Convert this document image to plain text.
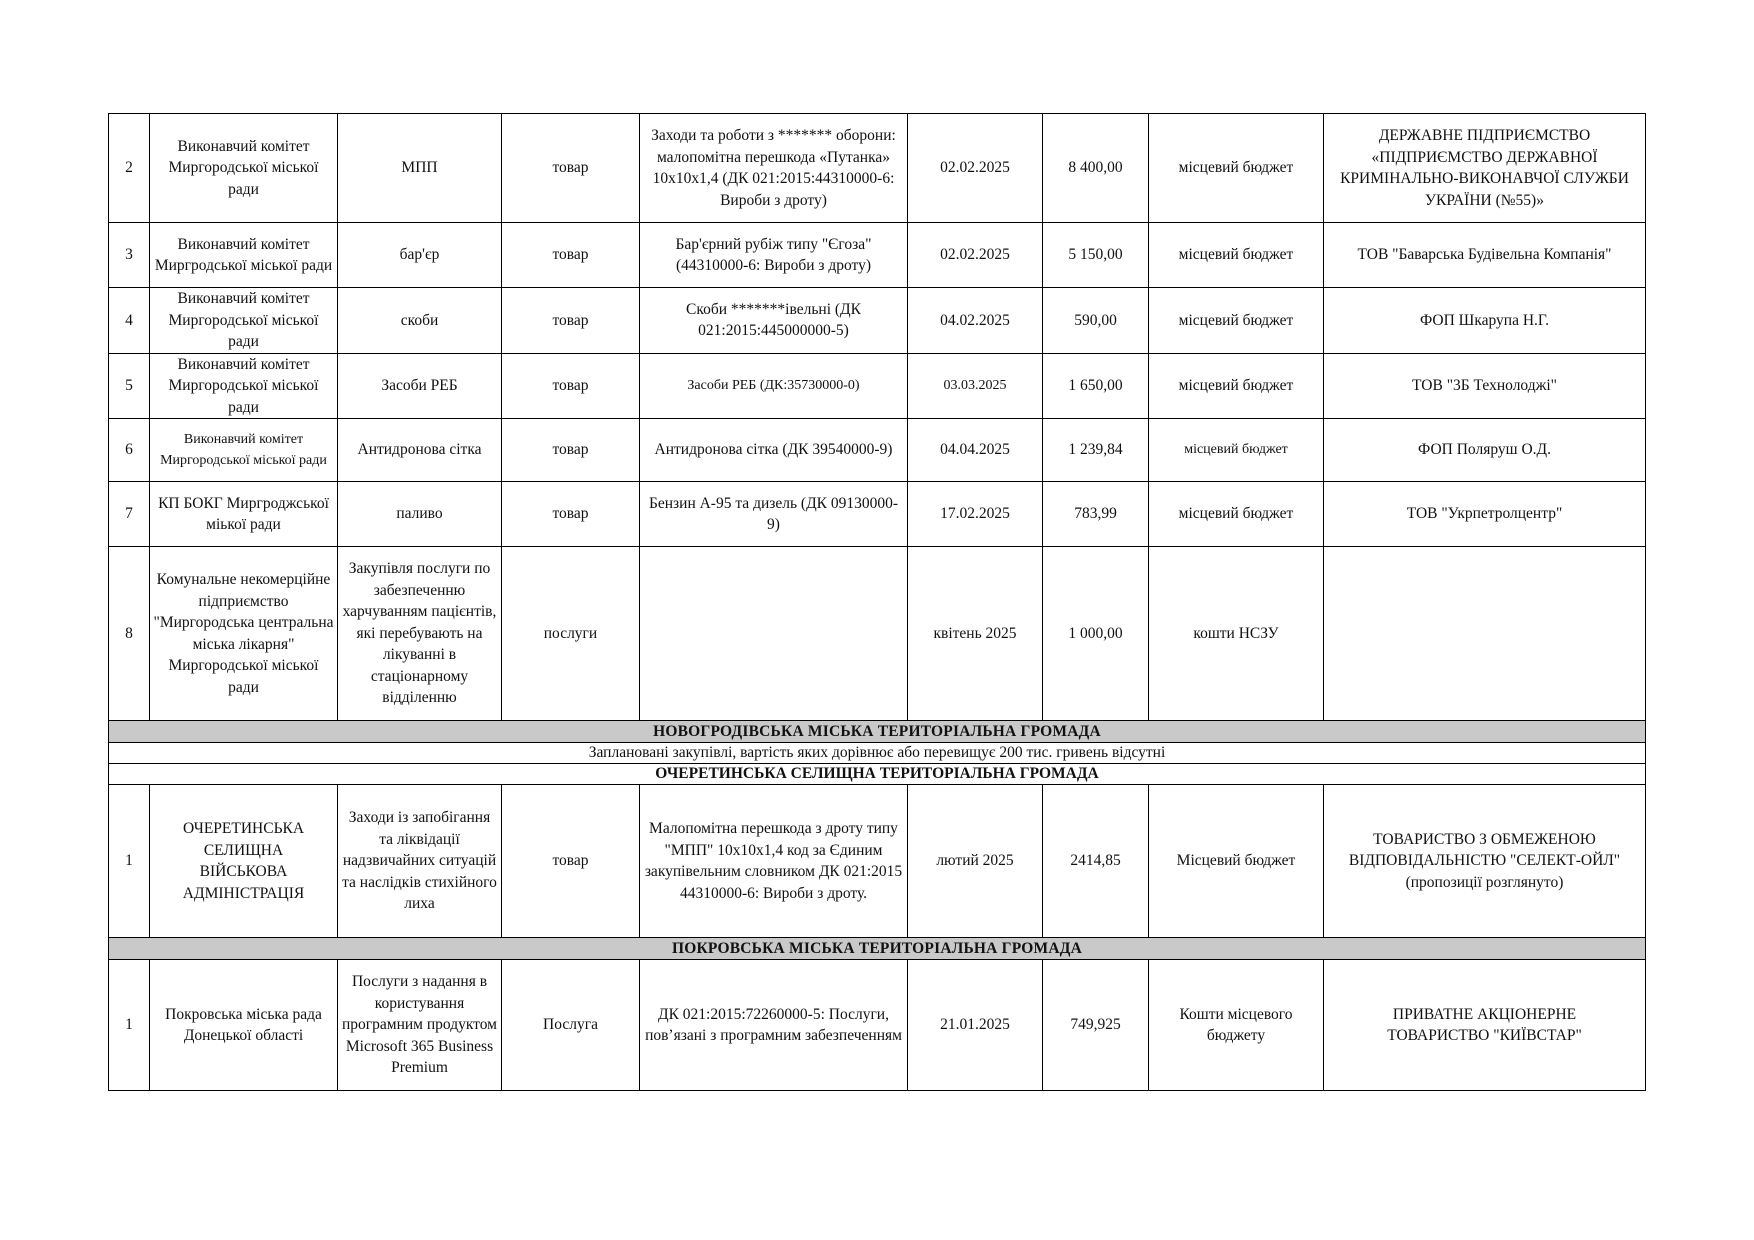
2	Виконавчий комітет Миргородської міської ради	МПП	товар	Заходи та роботи з ******* оборони: малопомітна перешкода «Путанка» 10х10х1,4 (ДК 021:2015:44310000-6: Вироби з дроту)	02.02.2025	8 400,00	місцевий бюджет	ДЕРЖАВНЕ ПІДПРИЄМСТВО «ПІДПРИЄМСТВО ДЕРЖАВНОЇ КРИМІНАЛЬНО-ВИКОНАВЧОЇ СЛУЖБИ УКРАЇНИ (№55)»
3	Виконавчий комітет Миргродської міської ради	бар'єр	товар	Бар'єрний рубіж типу "Єгоза" (44310000-6: Вироби з дроту)	02.02.2025	5 150,00	місцевий бюджет	ТОВ "Баварська Будівельна Компанія"
4	Виконавчий комітет Миргородської міської ради	скоби	товар	Скоби *******івельні (ДК 021:2015:445000000-5)	04.02.2025	590,00	місцевий бюджет	ФОП Шкарупа Н.Г.
5	Виконавчий комітет Миргородської міської ради	Засоби РЕБ	товар	Засоби РЕБ (ДК:35730000-0)	03.03.2025	1 650,00	місцевий бюджет	ТОВ "3Б Технолоджі"
6	Виконавчий комітет Миргородської міської ради	Антидронова сітка	товар	Антидронова сітка (ДК 39540000-9)	04.04.2025	1 239,84	місцевий бюджет	ФОП Поляруш О.Д.
7	КП БОКГ Миргроджської міької ради	паливо	товар	Бензин А-95 та дизель (ДК 09130000-9)	17.02.2025	783,99	місцевий бюджет	ТОВ "Укрпетролцентр"
8	Комунальне некомерційне підприємство "Миргородська центральна міська лікарня" Миргородської міської ради	Закупівля послуги по забезпеченню харчуванням пацієнтів, які перебувають на лікуванні в стаціонарному відділенню	послуги		квітень 2025	1 000,00	кошти НСЗУ	
НОВОГРОДІВСЬКА МІСЬКА ТЕРИТОРІАЛЬНА ГРОМАДА								
Заплановані закупівлі, вартість яких дорівнює або перевищує 200 тис. гривень відсутні								
ОЧЕРЕТИНСЬКА СЕЛИЩНА ТЕРИТОРІАЛЬНА ГРОМАДА								
1	ОЧЕРЕТИНСЬКА СЕЛИЩНА ВІЙСЬКОВА АДМІНІСТРАЦІЯ	Заходи із запобігання та ліквідації надзвичайних ситуацій та наслідків стихійного лиха	товар	Малопомітна перешкода з дроту типу "МПП" 10х10х1,4 код за Єдиним закупівельним словником ДК 021:2015 44310000-6: Вироби з дроту.	лютий 2025	2414,85	Місцевий бюджет	ТОВАРИСТВО З ОБМЕЖЕНОЮ ВІДПОВІДАЛЬНІСТЮ "СЕЛЕКТ-ОЙЛ"
(пропозиції розглянуто)

ПОКРОВСЬКА МІСЬКА ТЕРИТОРІАЛЬНА ГРОМАДА								
1	Покровська міська рада Донецької області	Послуги з надання в користування програмним продуктом Microsoft 365 Business Premium	Послуга	ДК 021:2015:72260000-5: Послуги, пов’язані з програмним забезпеченням	21.01.2025	749,925	Кошти місцевого бюджету	ПРИВАТНЕ АКЦІОНЕРНЕ ТОВАРИСТВО "КИЇВСТАР"
